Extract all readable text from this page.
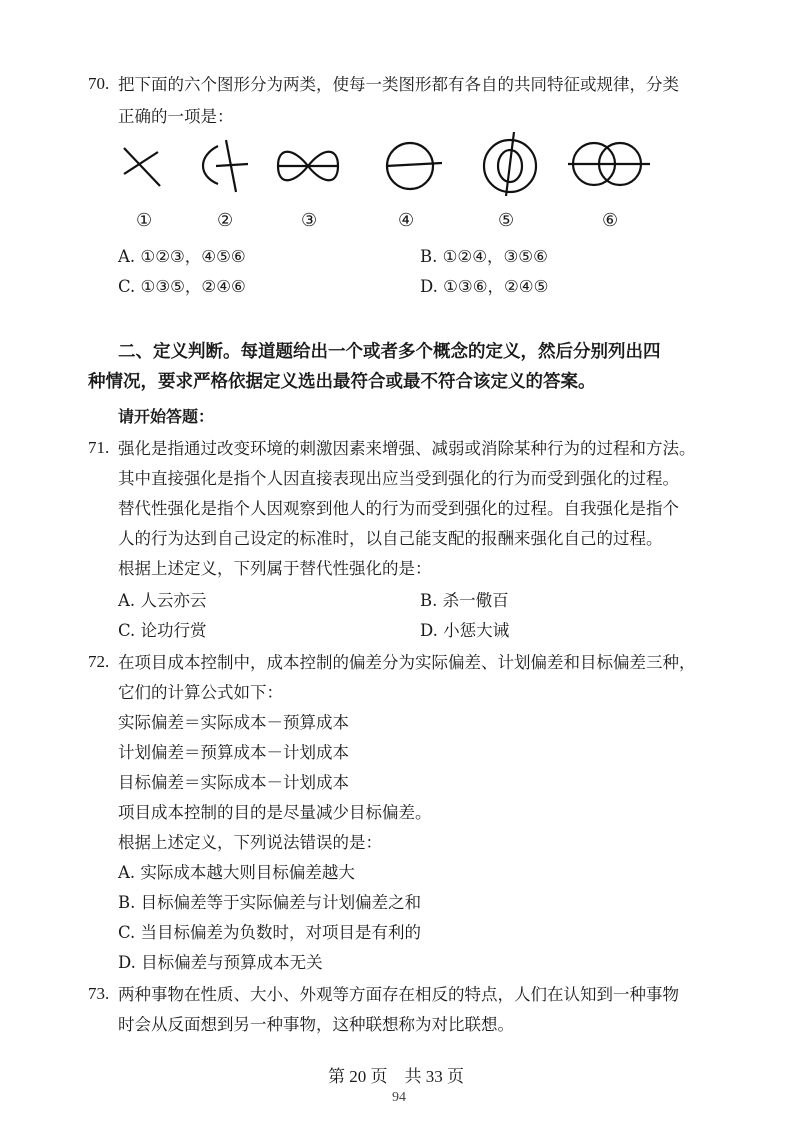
70. 把下面的六个图形分为两类，使每一类图形都有各自的共同特征或规律，分类
正确的一项是：
①	②	③	④	⑤	⑥
A. ①②③，④⑤⑥	B. ①②④，③⑤⑥
C. ①③⑤，②④⑥	D. ①③⑥，②④⑤
二、定义判断。每道题给出一个或者多个概念的定义，然后分别列出四
种情况，要求严格依据定义选出最符合或最不符合该定义的答案。
请开始答题：
71. 强化是指通过改变环境的刺激因素来增强、减弱或消除某种行为的过程和方法。
其中直接强化是指个人因直接表现出应当受到强化的行为而受到强化的过程。
替代性强化是指个人因观察到他人的行为而受到强化的过程。自我强化是指个
人的行为达到自己设定的标准时，以自己能支配的报酬来强化自己的过程。
根据上述定义，下列属于替代性强化的是：
A. 人云亦云	B. 杀一儆百
C. 论功行赏	D. 小惩大诫
72. 在项目成本控制中，成本控制的偏差分为实际偏差、计划偏差和目标偏差三种，
它们的计算公式如下：
实际偏差＝实际成本－预算成本
计划偏差＝预算成本－计划成本
目标偏差＝实际成本－计划成本
项目成本控制的目的是尽量减少目标偏差。
根据上述定义，下列说法错误的是：
A. 实际成本越大则目标偏差越大
B. 目标偏差等于实际偏差与计划偏差之和
C. 当目标偏差为负数时，对项目是有利的
D. 目标偏差与预算成本无关
73. 两种事物在性质、大小、外观等方面存在相反的特点，人们在认知到一种事物
时会从反面想到另一种事物，这种联想称为对比联想。
第 20 页　共 33 页
94
